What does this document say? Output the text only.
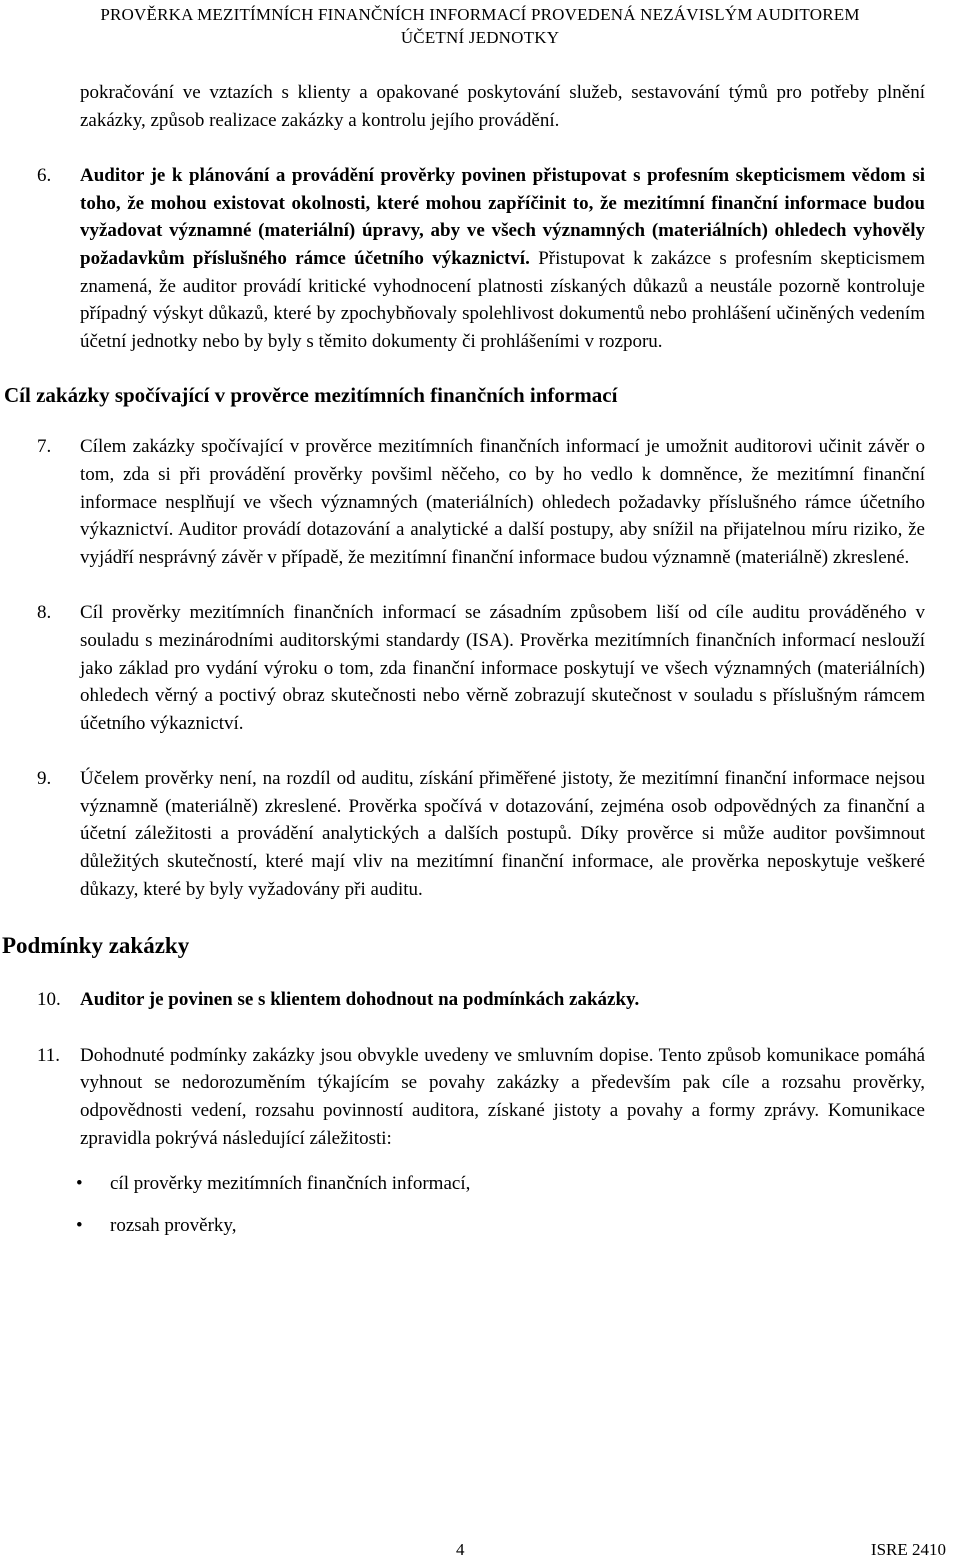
PROVĚRKA MEZITÍMNÍCH FINANČNÍCH INFORMACÍ PROVEDENÁ NEZÁVISLÝM AUDITOREM
ÚČETNÍ JEDNOTKY
pokračování ve vztazích s klienty a opakované poskytování služeb, sestavování týmů pro potřeby plnění zakázky, způsob realizace zakázky a kontrolu jejího provádění.
6.	Auditor je k plánování a provádění prověrky povinen přistupovat s profesním skepticismem vědom si toho, že mohou existovat okolnosti, které mohou zapříčinit to, že mezitímní finanční informace budou vyžadovat významné (materiální) úpravy, aby ve všech významných (materiálních) ohledech vyhověly požadavkům příslušného rámce účetního výkaznictví. Přistupovat k zakázce s profesním skepticismem znamená, že auditor provádí kritické vyhodnocení platnosti získaných důkazů a neustále pozorně kontroluje případný výskyt důkazů, které by zpochybňovaly spolehlivost dokumentů nebo prohlášení učiněných vedením účetní jednotky nebo by byly s těmito dokumenty či prohlášeními v rozporu.
Cíl zakázky spočívající v prověrce mezitímních finančních informací
7.	Cílem zakázky spočívající v prověrce mezitímních finančních informací je umožnit auditorovi učinit závěr o tom, zda si při provádění prověrky povšiml něčeho, co by ho vedlo k domněnce, že mezitímní finanční informace nesplňují ve všech významných (materiálních) ohledech požadavky příslušného rámce účetního výkaznictví. Auditor provádí dotazování a analytické a další postupy, aby snížil na přijatelnou míru riziko, že vyjádří nesprávný závěr v případě, že mezitímní finanční informace budou významně (materiálně) zkreslené.
8.	Cíl prověrky mezitímních finančních informací se zásadním způsobem liší od cíle auditu prováděného v souladu s mezinárodními auditorskými standardy (ISA). Prověrka mezitímních finančních informací neslouží jako základ pro vydání výroku o tom, zda finanční informace poskytují ve všech významných (materiálních) ohledech věrný a poctivý obraz skutečnosti nebo věrně zobrazují skutečnost v souladu s příslušným rámcem účetního výkaznictví.
9.	Účelem prověrky není, na rozdíl od auditu, získání přiměřené jistoty, že mezitímní finanční informace nejsou významně (materiálně) zkreslené. Prověrka spočívá v dotazování, zejména osob odpovědných za finanční a účetní záležitosti a provádění analytických a dalších postupů. Díky prověrce si může auditor povšimnout důležitých skutečností, které mají vliv na mezitímní finanční informace, ale prověrka neposkytuje veškeré důkazy, které by byly vyžadovány při auditu.
Podmínky zakázky
10.	Auditor je povinen se s klientem dohodnout na podmínkách zakázky.
11.	Dohodnuté podmínky zakázky jsou obvykle uvedeny ve smluvním dopise. Tento způsob komunikace pomáhá vyhnout se nedorozuměním týkajícím se povahy zakázky a především pak cíle a rozsahu prověrky, odpovědnosti vedení, rozsahu povinností auditora, získané jistoty a povahy a formy zprávy. Komunikace zpravidla pokrývá následující záležitosti:
•	cíl prověrky mezitímních finančních informací,
•	rozsah prověrky,
4	ISRE 2410
